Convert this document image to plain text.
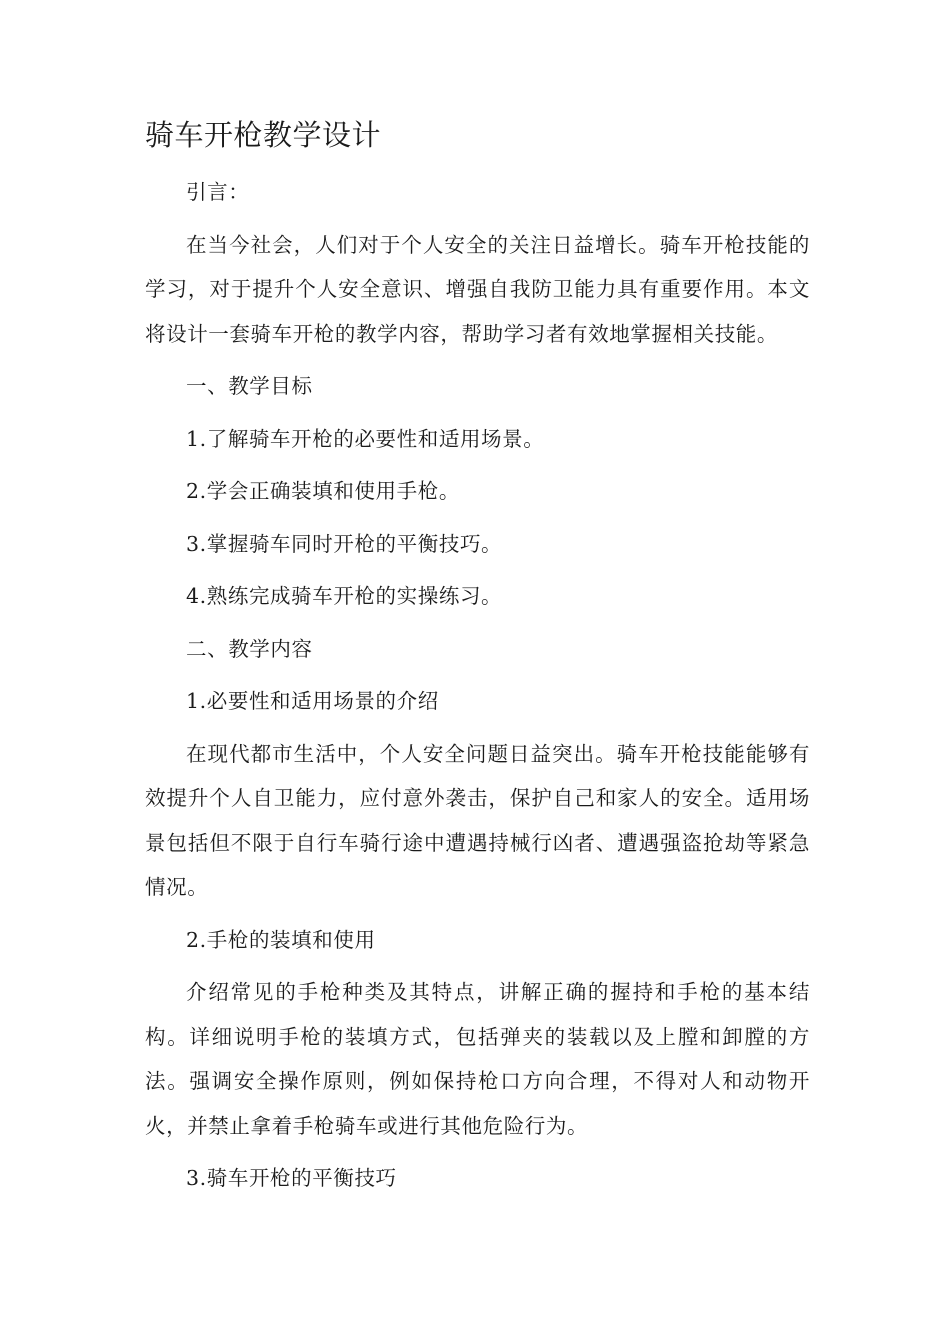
骑车开枪教学设计

引言：

在当今社会，人们对于个人安全的关注日益增长。骑车开枪技能的学习，对于提升个人安全意识、增强自我防卫能力具有重要作用。本文将设计一套骑车开枪的教学内容，帮助学习者有效地掌握相关技能。

一、教学目标

1.了解骑车开枪的必要性和适用场景。

2.学会正确装填和使用手枪。

3.掌握骑车同时开枪的平衡技巧。

4.熟练完成骑车开枪的实操练习。

二、教学内容

1.必要性和适用场景的介绍

在现代都市生活中，个人安全问题日益突出。骑车开枪技能能够有效提升个人自卫能力，应付意外袭击，保护自己和家人的安全。适用场景包括但不限于自行车骑行途中遭遇持械行凶者、遭遇强盗抢劫等紧急情况。

2.手枪的装填和使用

介绍常见的手枪种类及其特点，讲解正确的握持和手枪的基本结构。详细说明手枪的装填方式，包括弹夹的装载以及上膛和卸膛的方法。强调安全操作原则，例如保持枪口方向合理，不得对人和动物开火，并禁止拿着手枪骑车或进行其他危险行为。

3.骑车开枪的平衡技巧
